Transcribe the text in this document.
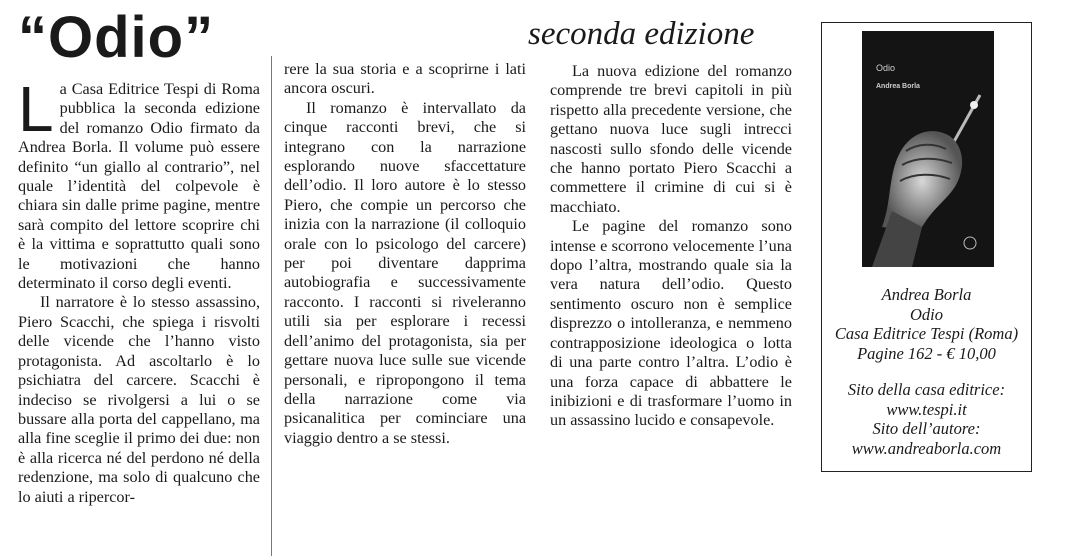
“Odio”	seconda edizione

La Casa Editrice Tespi di Roma pubblica la seconda edizione del romanzo Odio firmato da Andrea Borla. Il volume può essere definito “un giallo al contrario”, nel quale l’identità del colpevole è chiara sin dalle prime pagine, mentre sarà compito del lettore scoprire chi è la vittima e soprattutto quali sono le motivazioni che hanno determinato il corso degli eventi.

Il narratore è lo stesso assassino, Piero Scacchi, che spiega i risvolti delle vicende che l’hanno visto protagonista. Ad ascoltarlo è lo psichiatra del carcere. Scacchi è indeciso se rivolgersi a lui o se bussare alla porta del cappellano, ma alla fine sceglie il primo dei due: non è alla ricerca né del perdono né della redenzione, ma solo di qualcuno che lo aiuti a ripercor-

rere la sua storia e a scoprirne i lati ancora oscuri.

Il romanzo è intervallato da cinque racconti brevi, che si integrano con la narrazione esplorando nuove sfaccettature dell’odio. Il loro autore è lo stesso Piero, che compie un percorso che inizia con la narrazione (il colloquio orale con lo psicologo del carcere) per poi diventare dapprima autobiografia e successivamente racconto. I racconti si riveleranno utili sia per esplorare i recessi dell’animo del protagonista, sia per gettare nuova luce sulle sue vicende personali, e ripropongono il tema della narrazione come via psicanalitica per cominciare una viaggio dentro a se stessi.

La nuova edizione del romanzo comprende tre brevi capitoli in più rispetto alla precedente versione, che gettano nuova luce sugli intrecci nascosti sullo sfondo delle vicende che hanno portato Piero Scacchi a commettere il crimine di cui si è macchiato.

Le pagine del romanzo sono intense e scorrono velocemente l’una dopo l’altra, mostrando quale sia la vera natura dell’odio. Questo sentimento oscuro non è semplice disprezzo o intolleranza, e nemmeno contrapposizione ideologica o lotta di una parte contro l’altra. L’odio è una forza capace di abbattere le inibizioni e di trasformare l’uomo in un assassino lucido e consapevole.

Odio
Andrea Borla
Andrea Borla
Odio
Casa Editrice Tespi (Roma)
Pagine 162 - € 10,00
Sito della casa editrice:
www.tespi.it
Sito dell’autore:
www.andreaborla.com
